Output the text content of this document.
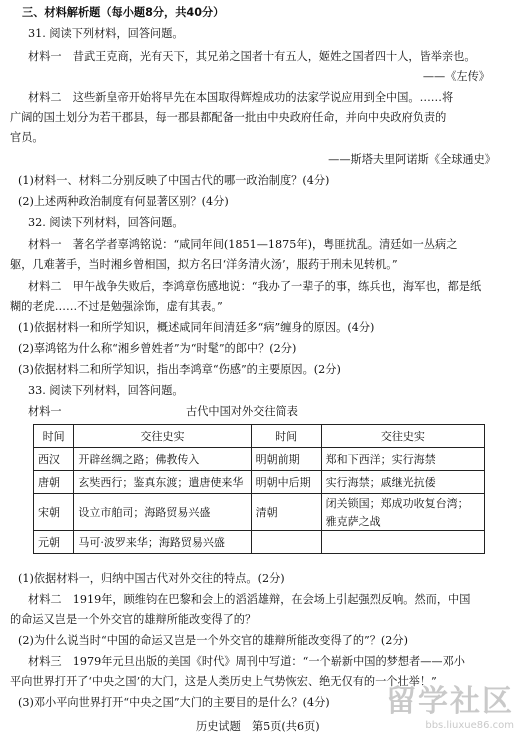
三、材料解析题（每小题8分，共40分）
31. 阅读下列材料，回答问题。
材料一　昔武王克商，光有天下，其兄弟之国者十有五人，姬姓之国者四十人，皆举亲也。
——《左传》
材料二　这些新皇帝开始将早先在本国取得辉煌成功的法家学说应用到全中国。……将
广阔的国土划分为若干郡县，每一郡县都配备一批由中央政府任命，并向中央政府负责的
官员。
——斯塔夫里阿诺斯《全球通史》
(1)材料一、材料二分别反映了中国古代的哪一政治制度？(4分)
(2)上述两种政治制度有何显著区别？(4分)
32. 阅读下列材料，回答问题。
材料一　著名学者辜鸿铭说：“咸同年间(1851—1875年)，粤匪扰乱。清廷如一丛病之
躯，几难著手，当时湘乡曾相国，拟方名曰‘洋务清火汤’，服药于刑未见转机。”
材料二　甲午战争失败后，李鸿章伤感地说：“我办了一辈子的事，练兵也，海军也，都是纸
糊的老虎……不过是勉强涂饰，虚有其表。”
(1)依据材料一和所学知识，概述咸同年间清廷多“病”缠身的原因。(4分)
(2)辜鸿铭为什么称“湘乡曾姓者”为“时髦”的郎中？(2分)
(3)依据材料二和所学知识，指出李鸿章“伤感”的主要原因。(2分)
33. 阅读下列材料，回答问题。
材料一	古代中国对外交往简表
时间	交往史实	时间	交往史实
西汉	开辟丝绸之路；佛教传入	明朝前期	郑和下西洋；实行海禁
唐朝	玄奘西行；鉴真东渡；遣唐使来华	明朝中后期	实行海禁；戚继光抗倭
宋朝	设立市舶司；海路贸易兴盛	清朝	闭关锁国；郑成功收复台湾；
			雅克萨之战
元朝	马可·波罗来华；海路贸易兴盛		
(1)依据材料一，归纳中国古代对外交往的特点。(2分)
材料二　1919年，顾维钧在巴黎和会上的滔滔雄辩，在会场上引起强烈反响。然而，中国
的命运又岂是一个外交官的雄辩所能改变得了的？
(2)为什么说当时“中国的命运又岂是一个外交官的雄辩所能改变得了的”？(2分)
材料三　1979年元旦出版的美国《时代》周刊中写道：“一个崭新中国的梦想者——邓小
平向世界打开了‘中央之国’的大门，这是人类历史上气势恢宏、绝无仅有的一个壮举！”
(3)邓小平向世界打开“中央之国”大门的主要目的是什么？(4分)
历史试题　第5页(共6页)
留学社区
bbs.liuxue86.com
